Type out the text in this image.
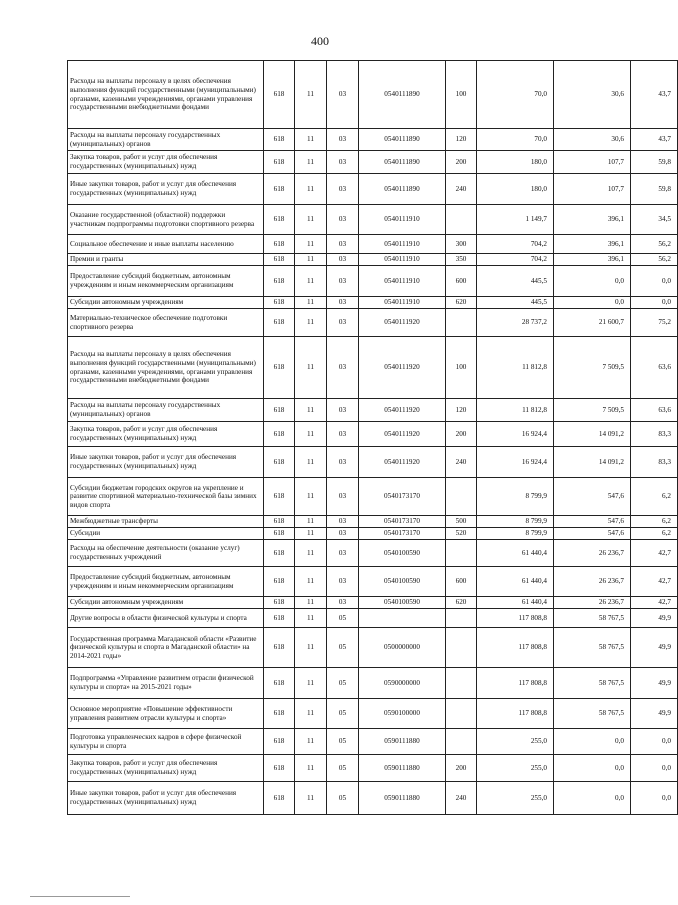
400
Расходы на выплаты персоналу в целях обеспечения выполнения функций государственными (муниципальными) органами, казенными учреждениями, органами управления государственными внебюджетными фондами	618	11	03	0540111890	100	70,0	30,6	43,7
Расходы на выплаты персоналу государственных (муниципальных) органов	618	11	03	0540111890	120	70,0	30,6	43,7
Закупка товаров, работ и услуг для обеспечения государственных (муниципальных) нужд	618	11	03	0540111890	200	180,0	107,7	59,8
Иные закупки товаров, работ и услуг для обеспечения государственных (муниципальных) нужд	618	11	03	0540111890	240	180,0	107,7	59,8
Оказание государственной (областной) поддержки участникам подпрограммы подготовки спортивного резерва	618	11	03	0540111910		1 149,7	396,1	34,5
Социальное обеспечение и иные выплаты населению	618	11	03	0540111910	300	704,2	396,1	56,2
Премии и гранты	618	11	03	0540111910	350	704,2	396,1	56,2
Предоставление субсидий бюджетным, автономным учреждениям и иным некоммерческим организациям	618	11	03	0540111910	600	445,5	0,0	0,0
Субсидии автономным учреждениям	618	11	03	0540111910	620	445,5	0,0	0,0
Материально-техническое обеспечение подготовки спортивного резерва	618	11	03	0540111920		28 737,2	21 600,7	75,2
Расходы на выплаты персоналу в целях обеспечения выполнения функций государственными (муниципальными) органами, казенными учреждениями, органами управления государственными внебюджетными фондами	618	11	03	0540111920	100	11 812,8	7 509,5	63,6
Расходы на выплаты персоналу государственных (муниципальных) органов	618	11	03	0540111920	120	11 812,8	7 509,5	63,6
Закупка товаров, работ и услуг для обеспечения государственных (муниципальных) нужд	618	11	03	0540111920	200	16 924,4	14 091,2	83,3
Иные закупки товаров, работ и услуг для обеспечения государственных (муниципальных) нужд	618	11	03	0540111920	240	16 924,4	14 091,2	83,3
Субсидии бюджетам городских округов на укрепление и развитие спортивной материально-технической базы зимних видов спорта	618	11	03	0540173170		8 799,9	547,6	6,2
Межбюджетные трансферты	618	11	03	0540173170	500	8 799,9	547,6	6,2
Субсидии	618	11	03	0540173170	520	8 799,9	547,6	6,2
Расходы на обеспечение деятельности (оказание услуг) государственных учреждений	618	11	03	0540100590		61 440,4	26 236,7	42,7
Предоставление субсидий бюджетным, автономным учреждениям и иным некоммерческим организациям	618	11	03	0540100590	600	61 440,4	26 236,7	42,7
Субсидии автономным учреждениям	618	11	03	0540100590	620	61 440,4	26 236,7	42,7
Другие вопросы в области физической культуры и спорта	618	11	05			117 808,8	58 767,5	49,9
Государственная программа Магаданской области «Развитие физической культуры и спорта в Магаданской области» на 2014-2021 годы»	618	11	05	0500000000		117 808,8	58 767,5	49,9
Подпрограмма «Управление развитием отрасли физической культуры и спорта» на 2015-2021 годы»	618	11	05	0590000000		117 808,8	58 767,5	49,9
Основное мероприятие «Повышение эффективности управления развитием отрасли культуры и спорта»	618	11	05	0590100000		117 808,8	58 767,5	49,9
Подготовка управленческих кадров в сфере физической культуры и спорта	618	11	05	0590111880		255,0	0,0	0,0
Закупка товаров, работ и услуг для обеспечения государственных (муниципальных) нужд	618	11	05	0590111880	200	255,0	0,0	0,0
Иные закупки товаров, работ и услуг для обеспечения государственных (муниципальных) нужд	618	11	05	0590111880	240	255,0	0,0	0,0
